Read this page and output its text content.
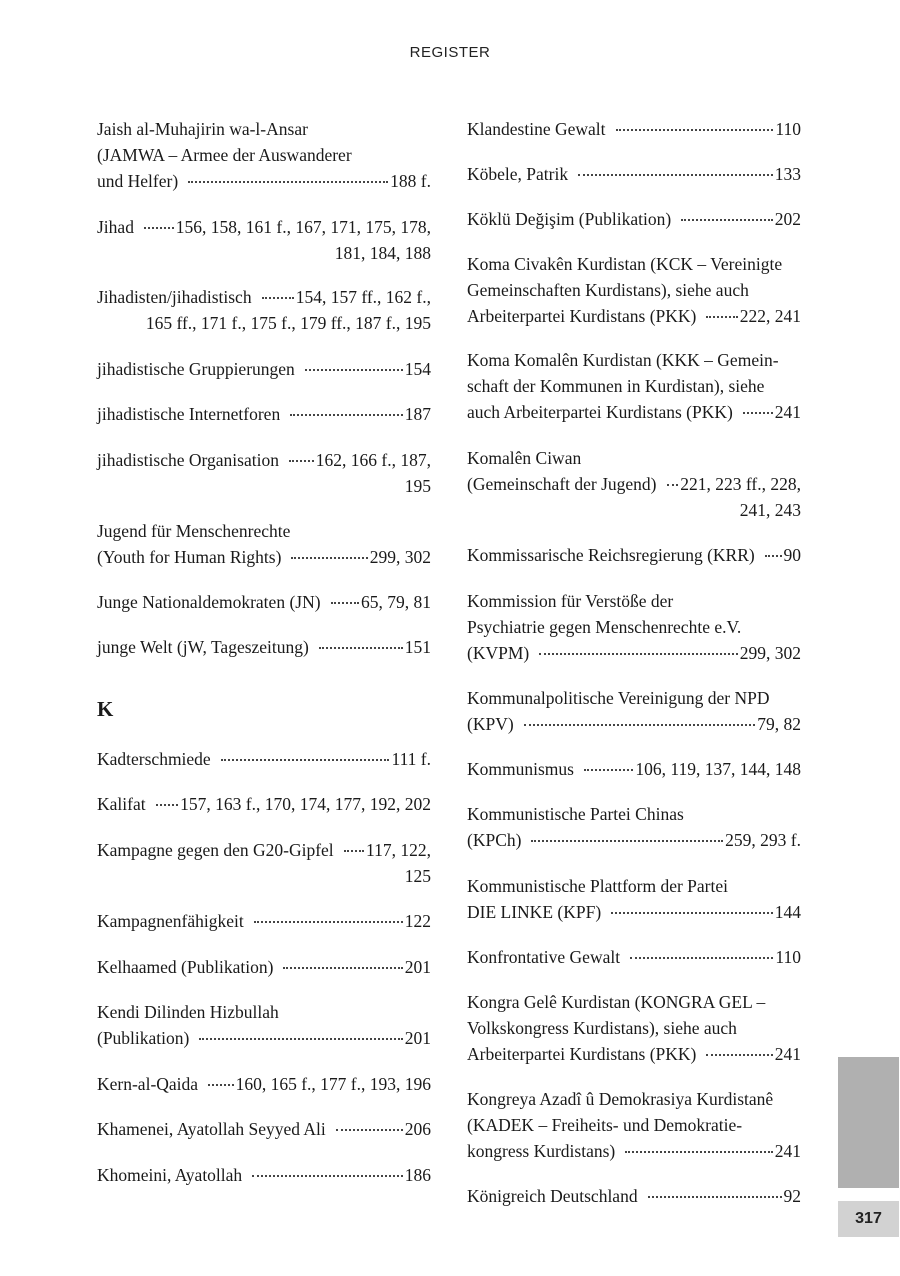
REGISTER
Jaish al-Muhajirin wa-l-Ansar
(JAMWA – Armee der Auswanderer
und Helfer)	188 f.
Jihad 156, 158, 161 f., 167, 171, 175, 178,
181, 184, 188
Jihadisten/jihadistisch	154, 157 ff., 162 f.,
165 ff., 171 f., 175 f., 179 ff., 187 f., 195
jihadistische Gruppierungen	154
jihadistische Internetforen	187
jihadistische Organisation 162, 166 f., 187,
195
Jugend für Menschenrechte
(Youth for Human Rights)	299, 302
Junge Nationaldemokraten (JN) 65, 79, 81
junge Welt (jW, Tageszeitung)	151
K
Kadterschmiede	111 f.
Kalifat 157, 163 f., 170, 174, 177, 192, 202
Kampagne gegen den G20-Gipfel 117, 122,
125
Kampagnenfähigkeit	122
Kelhaamed (Publikation)	201
Kendi Dilinden Hizbullah
(Publikation)	201
Kern-al-Qaida 160, 165 f., 177 f., 193, 196
Khamenei, Ayatollah Seyyed Ali	206
Khomeini, Ayatollah	186
Klandestine Gewalt	110
Köbele, Patrik	133
Köklü Değişim (Publikation)	202
Koma Civakên Kurdistan (KCK – Vereinigte
Gemeinschaften Kurdistans), siehe auch
Arbeiterpartei Kurdistans (PKK) 222, 241
Koma Komalên Kurdistan (KKK – Gemein-
schaft der Kommunen in Kurdistan), siehe
auch Arbeiterpartei Kurdistans (PKK) 241
Komalên Ciwan
(Gemeinschaft der Jugend) 221, 223 ff., 228,
241, 243
Kommissarische Reichsregierung (KRR) 90
Kommission für Verstöße der
Psychiatrie gegen Menschenrechte e.V.
(KVPM)	299, 302
Kommunalpolitische Vereinigung der NPD
(KPV)	79, 82
Kommunismus	106, 119, 137, 144, 148
Kommunistische Partei Chinas
(KPCh)	259, 293 f.
Kommunistische Plattform der Partei
DIE LINKE (KPF)	144
Konfrontative Gewalt	110
Kongra Gelê Kurdistan (KONGRA GEL –
Volkskongress Kurdistans), siehe auch
Arbeiterpartei Kurdistans (PKK)	241
Kongreya Azadî û Demokrasiya Kurdistanê
(KADEK – Freiheits- und Demokratie-
kongress Kurdistans)	241
Königreich Deutschland	92
317
